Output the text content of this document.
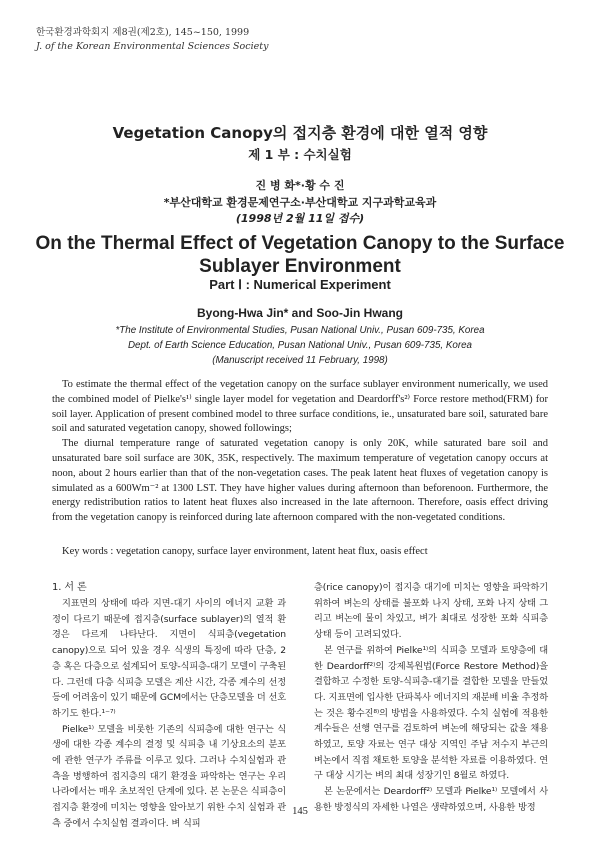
한국환경과학회지 제8권(제2호), 145~150, 1999
J. of the Korean Environmental Sciences Society
Vegetation Canopy의 접지층 환경에 대한 열적 영향
제 1 부 : 수치실험
진 병 화*·황 수 진
*부산대학교 환경문제연구소·부산대학교 지구과학교육과
(1998년 2월 11일 접수)
On the Thermal Effect of Vegetation Canopy to the Surface
Sublayer Environment
Part Ⅰ : Numerical Experiment
Byong-Hwa Jin* and Soo-Jin Hwang
*The Institute of Environmental Studies, Pusan National Univ., Pusan 609-735, Korea
Dept. of Earth Science Education, Pusan National Univ., Pusan 609-735, Korea
(Manuscript received 11 February, 1998)

To estimate the thermal effect of the vegetation canopy on the surface sublayer environment numerically, we used the combined model of Pielke's¹⁾ single layer model for vegetation and Deardorff's²⁾ Force restore method(FRM) for soil layer. Application of present combined model to three surface conditions, ie., unsaturated bare soil, saturated bare soil and saturated vegetation canopy, showed followings;

The diurnal temperature range of saturated vegetation canopy is only 20K, while saturated bare soil and unsaturated bare soil surface are 30K, 35K, respectively. The maximum temperature of vegetation canopy occurs at noon, about 2 hours earlier than that of the non-vegetation cases. The peak latent heat fluxes of vegetation canopy is simulated as a 600Wm⁻² at 1300 LST. They have higher values during afternoon than beforenoon. Furthermore, the energy redistribution ratios to latent heat fluxes also increased in the late afternoon. Therefore, oasis effect driving from the vegetation canopy is reinforced during late afternoon compared with the non-vegetated conditions.

Key words : vegetation canopy, surface layer environment, latent heat flux, oasis effect
1. 서 론

지표면의 상태에 따라 지면-대기 사이의 에너지 교환 과정이 다르기 때문에 접지층(surface sublayer)의 열적 환경은 다르게 나타난다. 지면이 식피층(vegetation canopy)으로 되어 있을 경우 식생의 특징에 따라 단층, 2층 혹은 다층으로 설계되어 토양-식피층-대기 모델이 구축된다. 그런데 다층 식피층 모델은 계산 시간, 각종 계수의 선정 등에 어려움이 있기 때문에 GCM에서는 단층모델을 더 선호하기도 한다.¹⁻⁷⁾

Pielke¹⁾ 모델을 비롯한 기존의 식피층에 대한 연구는 식생에 대한 각종 계수의 결정 및 식피층 내 기상요소의 분포에 관한 연구가 주류를 이루고 있다. 그러나 수치실험과 관측을 병행하여 접지층의 대기 환경을 파악하는 연구는 우리 나라에서는 매우 초보적인 단계에 있다. 본 논문은 식피층이 접지층 환경에 미치는 영향을 알아보기 위한 수치 실험과 관측 중에서 수치실험 결과이다. 벼 식피

층(rice canopy)이 접지층 대기에 미치는 영향을 파악하기 위하여 벼논의 상태를 불포화 나지 상태, 포화 나지 상태 그리고 벼논에 물이 차있고, 벼가 최대로 성장한 포화 식피층 상태 등이 고려되었다.

본 연구를 위하여 Pielke¹⁾의 식피층 모델과 토양층에 대한 Deardorff²⁾의 강제복원법(Force Restore Method)을 결합하고 수정한 토양-식피층-대기를 결합한 모델을 만들었다. 지표면에 입사한 단파복사 에너지의 재분배 비율 추정하는 것은 황수진⁸⁾의 방법을 사용하였다. 수치 실험에 적용한 계수들은 선행 연구를 검토하여 벼논에 해당되는 값을 채용하였고, 토양 자료는 연구 대상 지역인 주남 저수지 부근의 벼논에서 직접 채토한 토양을 분석한 자료를 이용하였다. 연구 대상 시기는 벼의 최대 성장기인 8월로 하였다.

본 논문에서는 Deardorff²⁾ 모델과 Pielke¹⁾ 모델에서 사용한 방정식의 자세한 나열은 생략하였으며, 사용한 방정

145
